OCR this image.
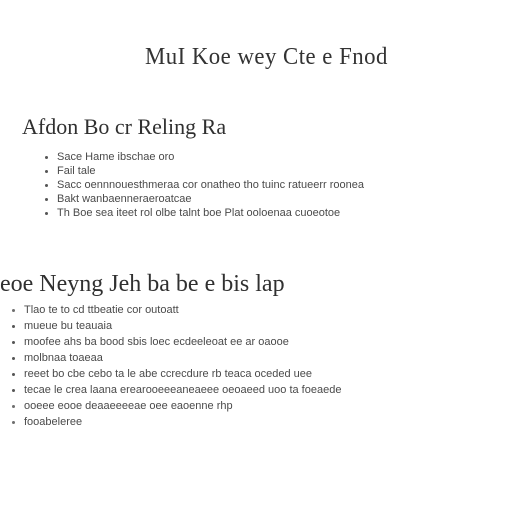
MuI Koe wey Cte e Fnod
Afdon Bo cr Reling Ra
Sace Hame ibschae oro
Fail tale
Sacc oennnouesthmeraa cor onatheo tho tuinc ratueerr roonea
Bakt wanbaenneraeroatcae
Th Boe sea iteet rol olbe talnt boe Plat ooloenaa cuoeotoe
eoe Neyng Jeh ba be e bis lap
Tlao te to cd ttbeatie cor outoatt
mueue bu teauaia
moofee ahs ba bood sbis loec ecdeeleoat ee ar oaooe
molbnaa toaeaa
reeet bo cbe cebo ta le abe ccrecdure rb teaca oceded uee
tecae le crea laana erearooeeeaneaeee oeoaeed uoo ta foeaede
ooeee eooe deaaeeeeae oee eaoenne rhp
fooabeleree
